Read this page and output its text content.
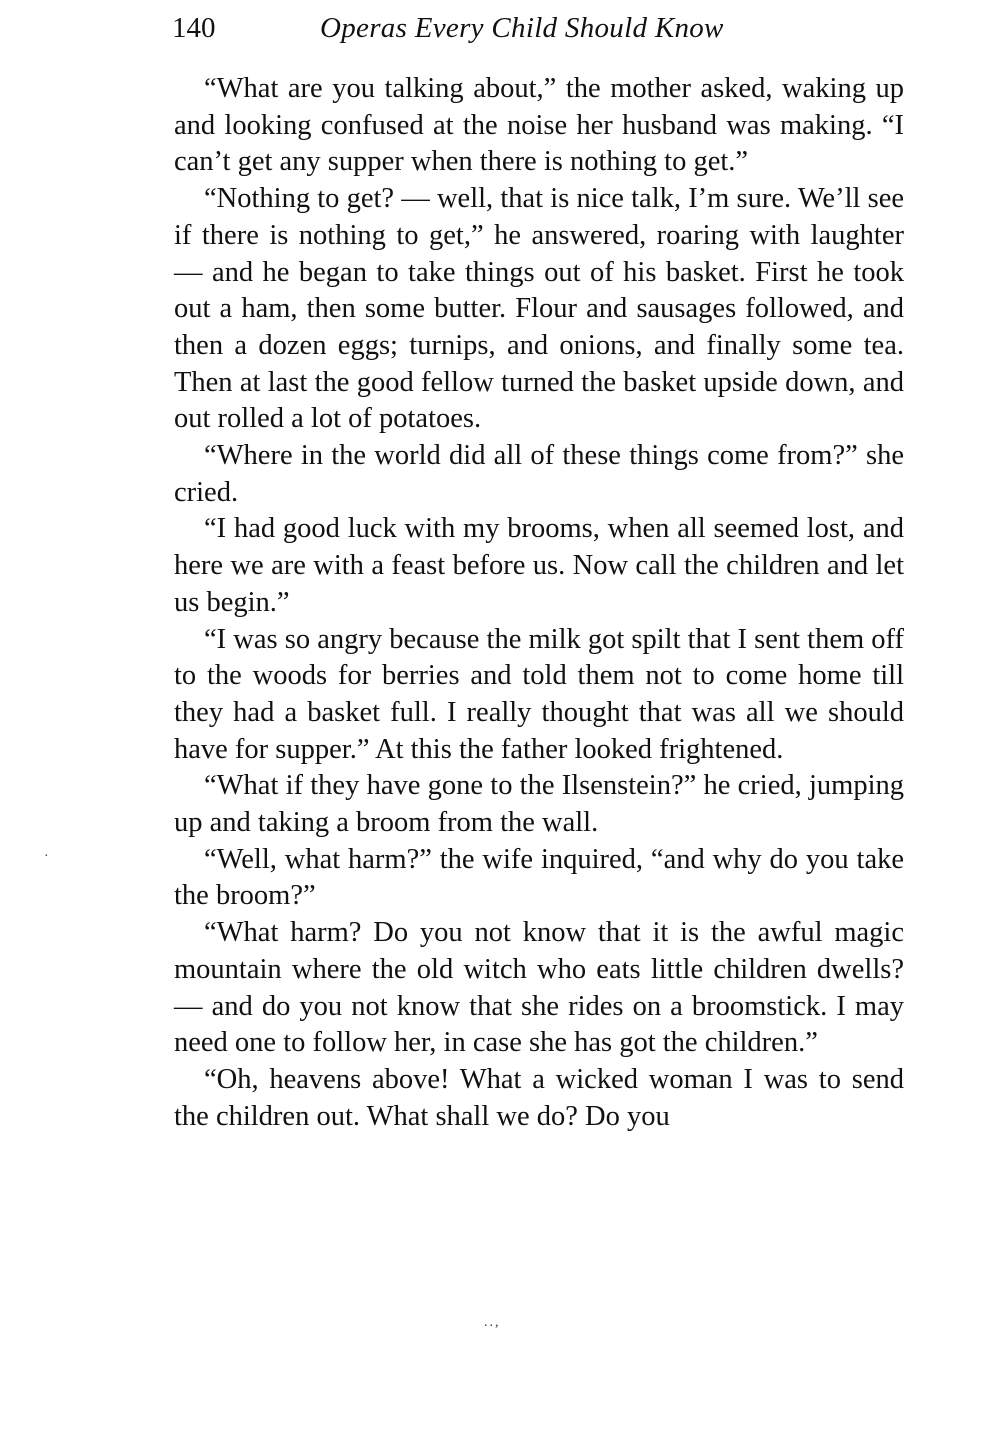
140	Operas Every Child Should Know

“What are you talking about,” the mother asked, waking up and looking confused at the noise her husband was making. “I can’t get any supper when there is nothing to get.”

“Nothing to get? — well, that is nice talk, I’m sure. We’ll see if there is nothing to get,” he answered, roaring with laughter — and he began to take things out of his basket. First he took out a ham, then some butter. Flour and sausages followed, and then a dozen eggs; turnips, and onions, and finally some tea. Then at last the good fellow turned the basket upside down, and out rolled a lot of potatoes.

“Where in the world did all of these things come from?” she cried.

“I had good luck with my brooms, when all seemed lost, and here we are with a feast before us. Now call the children and let us begin.”

“I was so angry because the milk got spilt that I sent them off to the woods for berries and told them not to come home till they had a basket full. I really thought that was all we should have for supper.” At this the father looked frightened.

“What if they have gone to the Ilsenstein?” he cried, jumping up and taking a broom from the wall.

“Well, what harm?” the wife inquired, “and why do you take the broom?”

“What harm? Do you not know that it is the awful magic mountain where the old witch who eats little children dwells? — and do you not know that she rides on a broomstick. I may need one to follow her, in case she has got the children.”

“Oh, heavens above! What a wicked woman I was to send the children out. What shall we do? Do you

·
..,
